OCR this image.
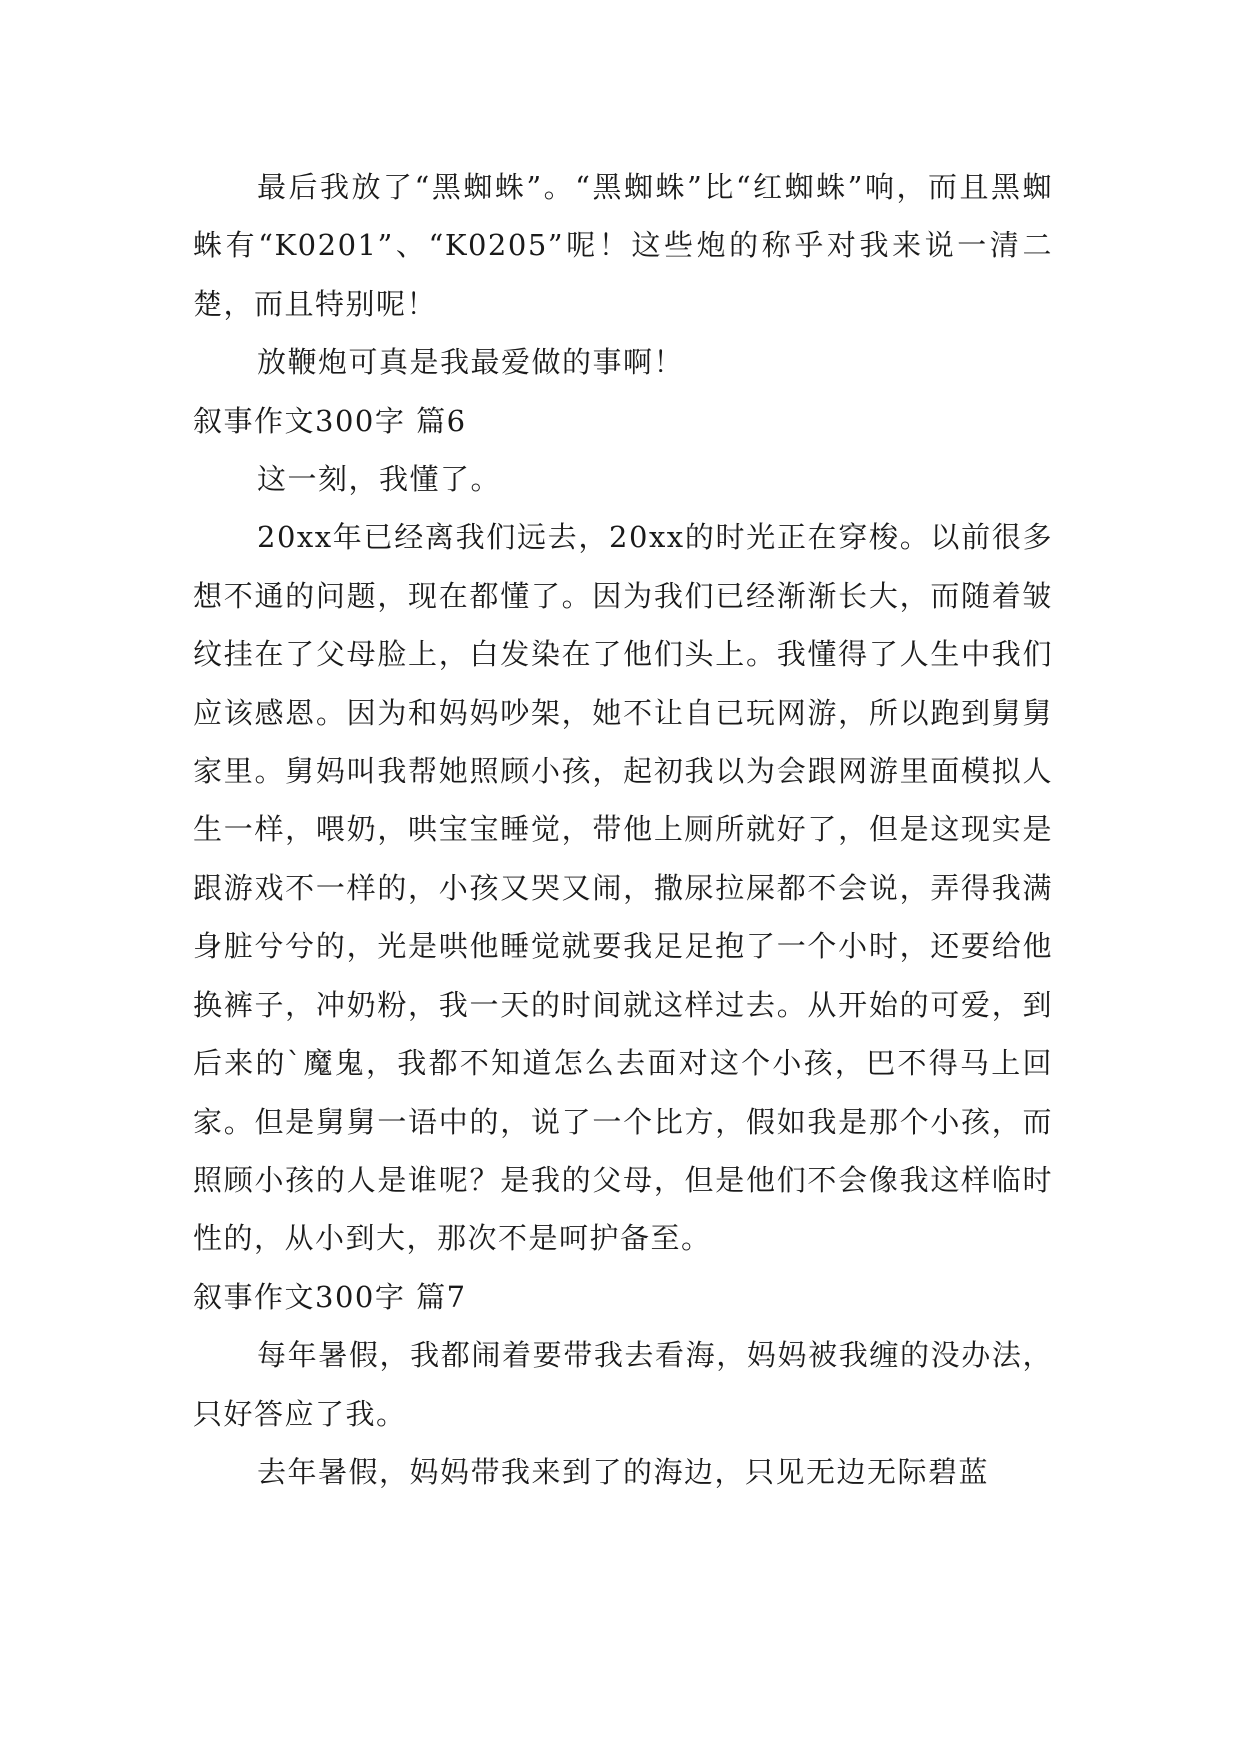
最后我放了“黑蜘蛛”。“黑蜘蛛”比“红蜘蛛”响，而且黑蜘蛛有“K0201”、“K0205”呢！这些炮的称乎对我来说一清二楚，而且特别呢！

放鞭炮可真是我最爱做的事啊！

叙事作文300字 篇6

这一刻，我懂了。

20xx年已经离我们远去，20xx的时光正在穿梭。以前很多想不通的问题，现在都懂了。因为我们已经渐渐长大，而随着皱纹挂在了父母脸上，白发染在了他们头上。我懂得了人生中我们应该感恩。因为和妈妈吵架，她不让自已玩网游，所以跑到舅舅家里。舅妈叫我帮她照顾小孩，起初我以为会跟网游里面模拟人生一样，喂奶，哄宝宝睡觉，带他上厕所就好了，但是这现实是跟游戏不一样的，小孩又哭又闹，撒尿拉屎都不会说，弄得我满身脏兮兮的，光是哄他睡觉就要我足足抱了一个小时，还要给他换裤子，冲奶粉，我一天的时间就这样过去。从开始的可爱，到后来的`魔鬼，我都不知道怎么去面对这个小孩，巴不得马上回家。但是舅舅一语中的，说了一个比方，假如我是那个小孩，而照顾小孩的人是谁呢？是我的父母，但是他们不会像我这样临时性的，从小到大，那次不是呵护备至。

叙事作文300字 篇7

每年暑假，我都闹着要带我去看海，妈妈被我缠的没办法，只好答应了我。

去年暑假，妈妈带我来到了的海边，只见无边无际碧蓝
